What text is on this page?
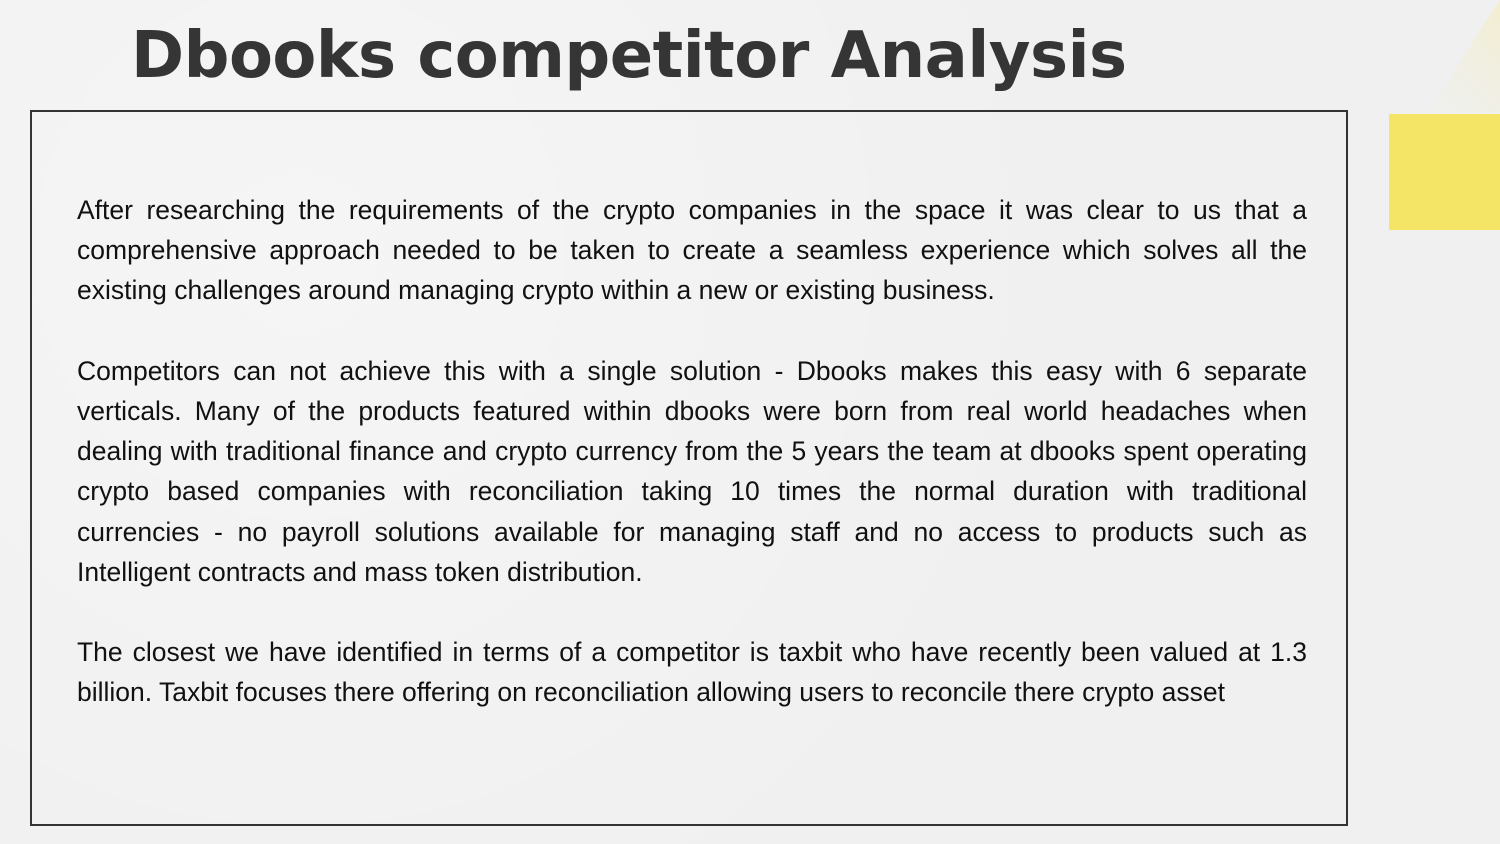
Dbooks competitor Analysis

After researching the requirements of the crypto companies in the space it was clear to us that a comprehensive approach needed to be taken to create a seamless experience which solves all the existing challenges around managing crypto within a new or existing business.

Competitors can not achieve this with a single solution - Dbooks makes this easy with 6 separate verticals. Many of the products featured within dbooks were born from real world headaches when dealing with traditional finance and crypto currency from the 5 years the team at dbooks spent operating crypto based companies with reconciliation taking 10 times the normal duration with traditional currencies - no payroll solutions available for managing staff and no access to products such as Intelligent contracts and mass token distribution.

The closest we have identified in terms of a competitor is taxbit who have recently been valued at 1.3 billion. Taxbit focuses there offering on reconciliation allowing users to reconcile there crypto asset
